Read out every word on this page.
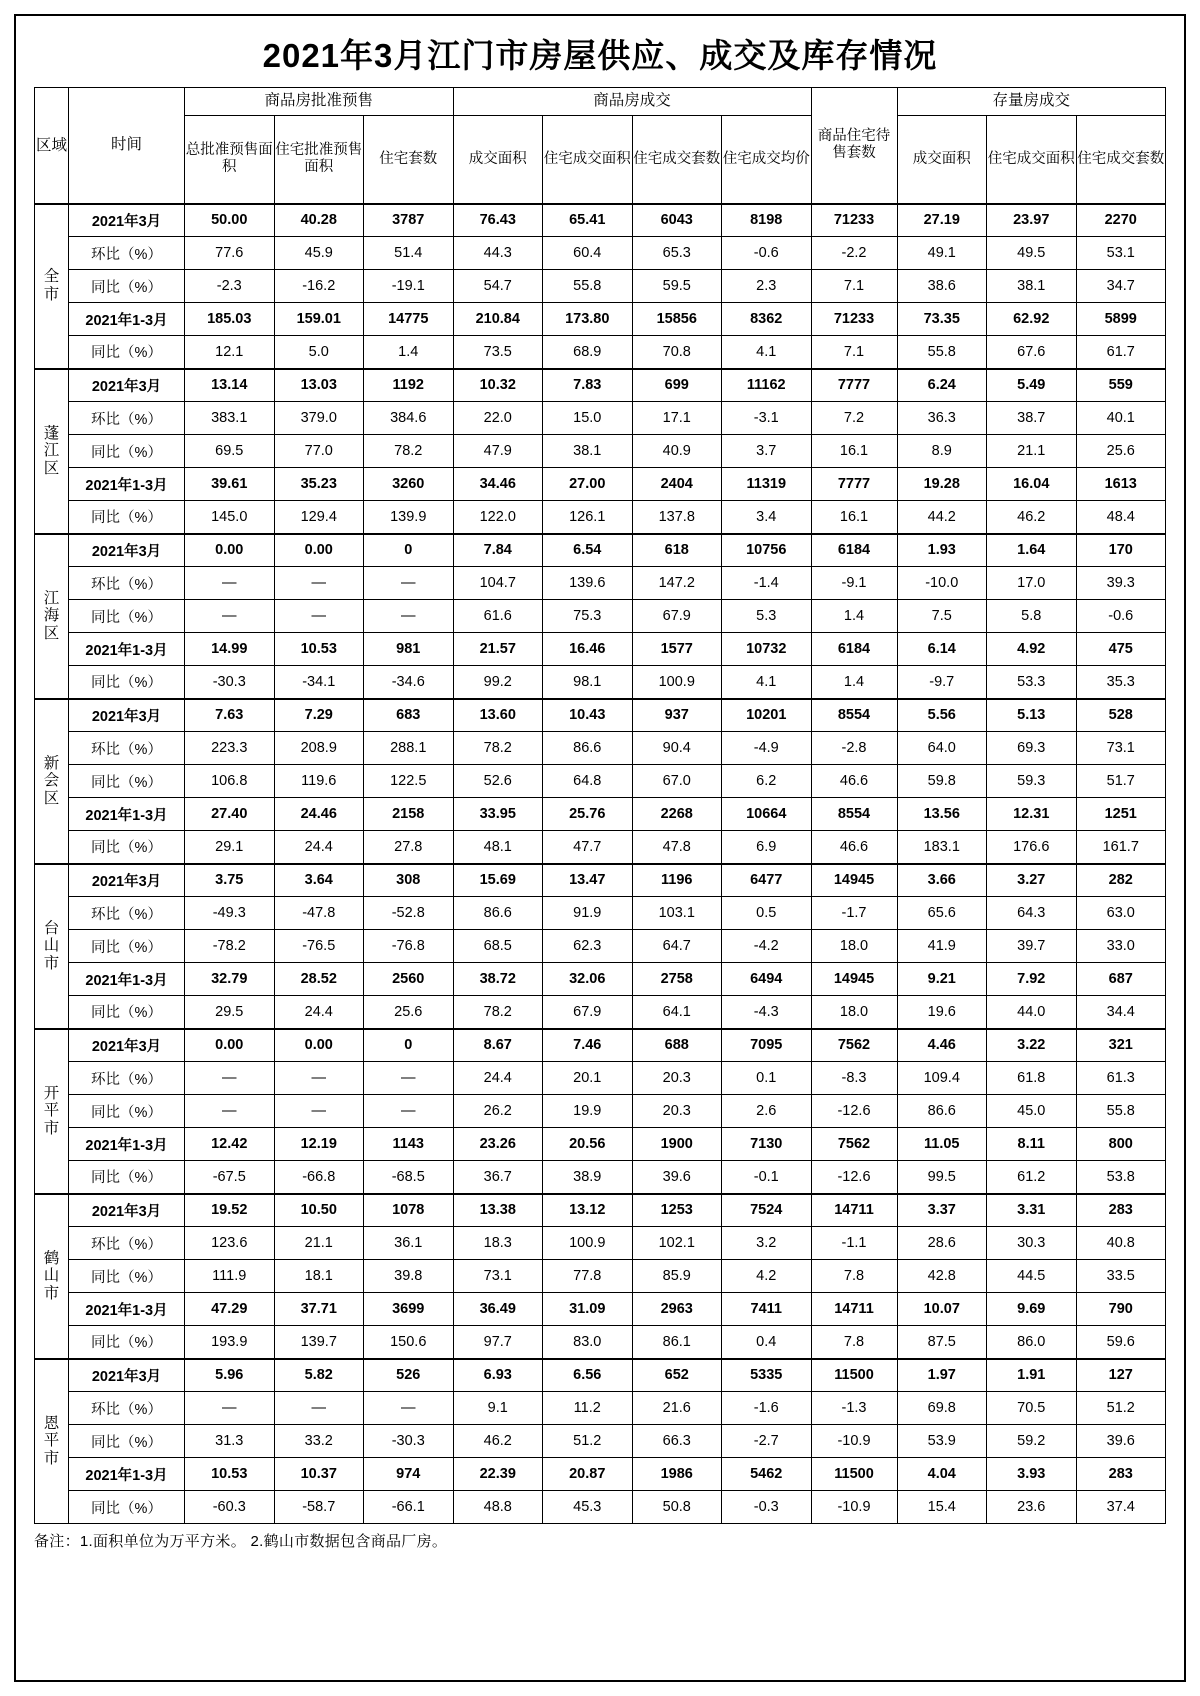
2021年3月江门市房屋供应、成交及库存情况
区域	时间	商品房批准预售			商品房成交				商品住宅待售套数	存量房成交		
		总批准预售面积	住宅批准预售面积	住宅套数	成交面积	住宅成交面积	住宅成交套数	住宅成交均价		成交面积	住宅成交面积	住宅成交套数

全
市	2021年3月	50.00	40.28	3787	76.43	65.41	6043	8198	71233	27.19	23.97	2270
	环比（%）	77.6	45.9	51.4	44.3	60.4	65.3	-0.6	-2.2	49.1	49.5	53.1
	同比（%）	-2.3	-16.2	-19.1	54.7	55.8	59.5	2.3	7.1	38.6	38.1	34.7
	2021年1-3月	185.03	159.01	14775	210.84	173.80	15856	8362	71233	73.35	62.92	5899
	同比（%）	12.1	5.0	1.4	73.5	68.9	70.8	4.1	7.1	55.8	67.6	61.7

蓬
江
区	2021年3月	13.14	13.03	1192	10.32	7.83	699	11162	7777	6.24	5.49	559
	环比（%）	383.1	379.0	384.6	22.0	15.0	17.1	-3.1	7.2	36.3	38.7	40.1
	同比（%）	69.5	77.0	78.2	47.9	38.1	40.9	3.7	16.1	8.9	21.1	25.6
	2021年1-3月	39.61	35.23	3260	34.46	27.00	2404	11319	7777	19.28	16.04	1613
	同比（%）	145.0	129.4	139.9	122.0	126.1	137.8	3.4	16.1	44.2	46.2	48.4

江
海
区	2021年3月	0.00	0.00	0	7.84	6.54	618	10756	6184	1.93	1.64	170
	环比（%）	—	—	—	104.7	139.6	147.2	-1.4	-9.1	-10.0	17.0	39.3
	同比（%）	—	—	—	61.6	75.3	67.9	5.3	1.4	7.5	5.8	-0.6
	2021年1-3月	14.99	10.53	981	21.57	16.46	1577	10732	6184	6.14	4.92	475
	同比（%）	-30.3	-34.1	-34.6	99.2	98.1	100.9	4.1	1.4	-9.7	53.3	35.3

新
会
区	2021年3月	7.63	7.29	683	13.60	10.43	937	10201	8554	5.56	5.13	528
	环比（%）	223.3	208.9	288.1	78.2	86.6	90.4	-4.9	-2.8	64.0	69.3	73.1
	同比（%）	106.8	119.6	122.5	52.6	64.8	67.0	6.2	46.6	59.8	59.3	51.7
	2021年1-3月	27.40	24.46	2158	33.95	25.76	2268	10664	8554	13.56	12.31	1251
	同比（%）	29.1	24.4	27.8	48.1	47.7	47.8	6.9	46.6	183.1	176.6	161.7

台
山
市	2021年3月	3.75	3.64	308	15.69	13.47	1196	6477	14945	3.66	3.27	282
	环比（%）	-49.3	-47.8	-52.8	86.6	91.9	103.1	0.5	-1.7	65.6	64.3	63.0
	同比（%）	-78.2	-76.5	-76.8	68.5	62.3	64.7	-4.2	18.0	41.9	39.7	33.0
	2021年1-3月	32.79	28.52	2560	38.72	32.06	2758	6494	14945	9.21	7.92	687
	同比（%）	29.5	24.4	25.6	78.2	67.9	64.1	-4.3	18.0	19.6	44.0	34.4

开
平
市	2021年3月	0.00	0.00	0	8.67	7.46	688	7095	7562	4.46	3.22	321
	环比（%）	—	—	—	24.4	20.1	20.3	0.1	-8.3	109.4	61.8	61.3
	同比（%）	—	—	—	26.2	19.9	20.3	2.6	-12.6	86.6	45.0	55.8
	2021年1-3月	12.42	12.19	1143	23.26	20.56	1900	7130	7562	11.05	8.11	800
	同比（%）	-67.5	-66.8	-68.5	36.7	38.9	39.6	-0.1	-12.6	99.5	61.2	53.8

鹤
山
市	2021年3月	19.52	10.50	1078	13.38	13.12	1253	7524	14711	3.37	3.31	283
	环比（%）	123.6	21.1	36.1	18.3	100.9	102.1	3.2	-1.1	28.6	30.3	40.8
	同比（%）	111.9	18.1	39.8	73.1	77.8	85.9	4.2	7.8	42.8	44.5	33.5
	2021年1-3月	47.29	37.71	3699	36.49	31.09	2963	7411	14711	10.07	9.69	790
	同比（%）	193.9	139.7	150.6	97.7	83.0	86.1	0.4	7.8	87.5	86.0	59.6

恩
平
市	2021年3月	5.96	5.82	526	6.93	6.56	652	5335	11500	1.97	1.91	127
	环比（%）	—	—	—	9.1	11.2	21.6	-1.6	-1.3	69.8	70.5	51.2
	同比（%）	31.3	33.2	-30.3	46.2	51.2	66.3	-2.7	-10.9	53.9	59.2	39.6
	2021年1-3月	10.53	10.37	974	22.39	20.87	1986	5462	11500	4.04	3.93	283
	同比（%）	-60.3	-58.7	-66.1	48.8	45.3	50.8	-0.3	-10.9	15.4	23.6	37.4
备注：1.面积单位为万平方米。 2.鹤山市数据包含商品厂房。
